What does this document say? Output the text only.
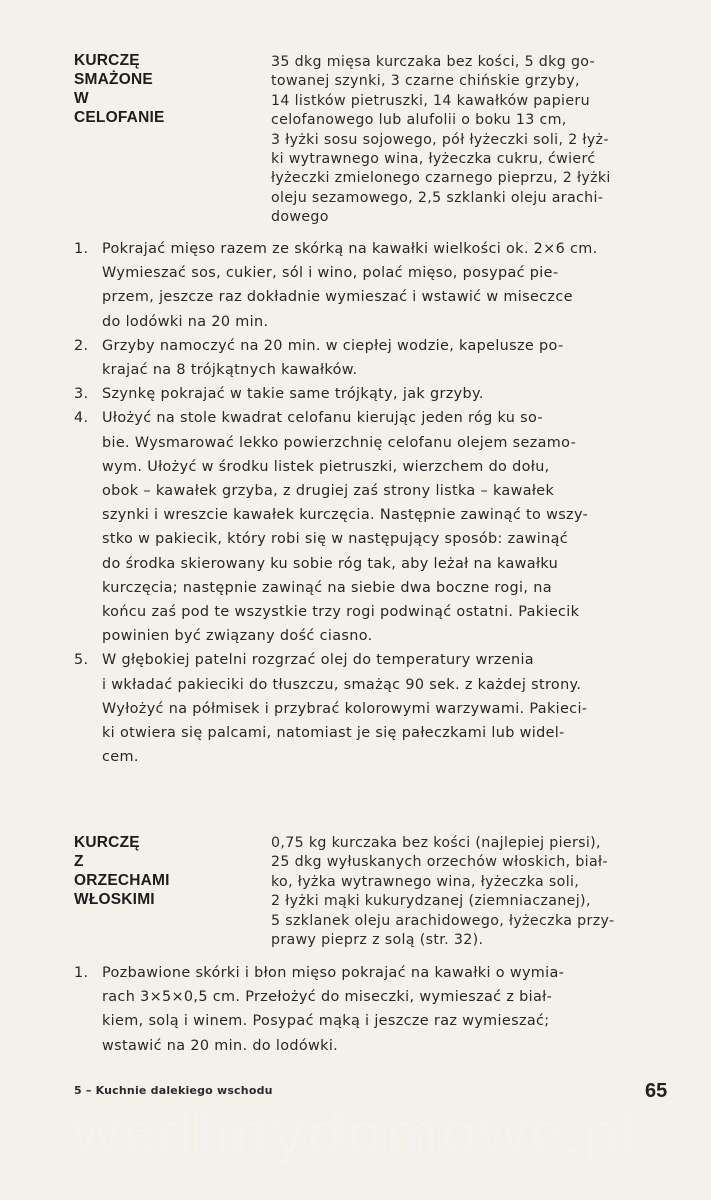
KURCZĘ
SMAŻONE
W
CELOFANIE
35 dkg mięsa kurczaka bez kości, 5 dkg go-
towanej szynki, 3 czarne chińskie grzyby,
14 listków pietruszki, 14 kawałków papieru
celofanowego lub alufolii o boku 13 cm,
3 łyżki sosu sojowego, pół łyżeczki soli, 2 łyż-
ki wytrawnego wina, łyżeczka cukru, ćwierć
łyżeczki zmielonego czarnego pieprzu, 2 łyżki
oleju sezamowego, 2,5 szklanki oleju arachi-
dowego
1. Pokrajać mięso razem ze skórką na kawałki wielkości ok. 2×6 cm.
Wymieszać sos, cukier, sól i wino, polać mięso, posypać pie-
przem, jeszcze raz dokładnie wymieszać i wstawić w miseczce
do lodówki na 20 min.
2. Grzyby namoczyć na 20 min. w ciepłej wodzie, kapelusze po-
krajać na 8 trójkątnych kawałków.
3. Szynkę pokrajać w takie same trójkąty, jak grzyby.
4. Ułożyć na stole kwadrat celofanu kierując jeden róg ku so-
bie. Wysmarować lekko powierzchnię celofanu olejem sezamo-
wym. Ułożyć w środku listek pietruszki, wierzchem do dołu,
obok – kawałek grzyba, z drugiej zaś strony listka – kawałek
szynki i wreszcie kawałek kurczęcia. Następnie zawinąć to wszy-
stko w pakiecik, który robi się w następujący sposób: zawinąć
do środka skierowany ku sobie róg tak, aby leżał na kawałku
kurczęcia; następnie zawinąć na siebie dwa boczne rogi, na
końcu zaś pod te wszystkie trzy rogi podwinąć ostatni. Pakiecik
powinien być związany dość ciasno.
5. W głębokiej patelni rozgrzać olej do temperatury wrzenia
i wkładać pakieciki do tłuszczu, smażąc 90 sek. z każdej strony.
Wyłożyć na półmisek i przybrać kolorowymi warzywami. Pakieci-
ki otwiera się palcami, natomiast je się pałeczkami lub widel-
cem.
KURCZĘ
Z
ORZECHAMI
WŁOSKIMI
0,75 kg kurczaka bez kości (najlepiej piersi),
25 dkg wyłuskanych orzechów włoskich, biał-
ko, łyżka wytrawnego wina, łyżeczka soli,
2 łyżki mąki kukurydzanej (ziemniaczanej),
5 szklanek oleju arachidowego, łyżeczka przy-
prawy pieprz z solą (str. 32).
1. Pozbawione skórki i błon mięso pokrajać na kawałki o wymia-
rach 3×5×0,5 cm. Przełożyć do miseczki, wymieszać z biał-
kiem, solą i winem. Posypać mąką i jeszcze raz wymieszać;
wstawić na 20 min. do lodówki.
5 – Kuchnie dalekiego wschodu	65
wedlinydomowe.pl
